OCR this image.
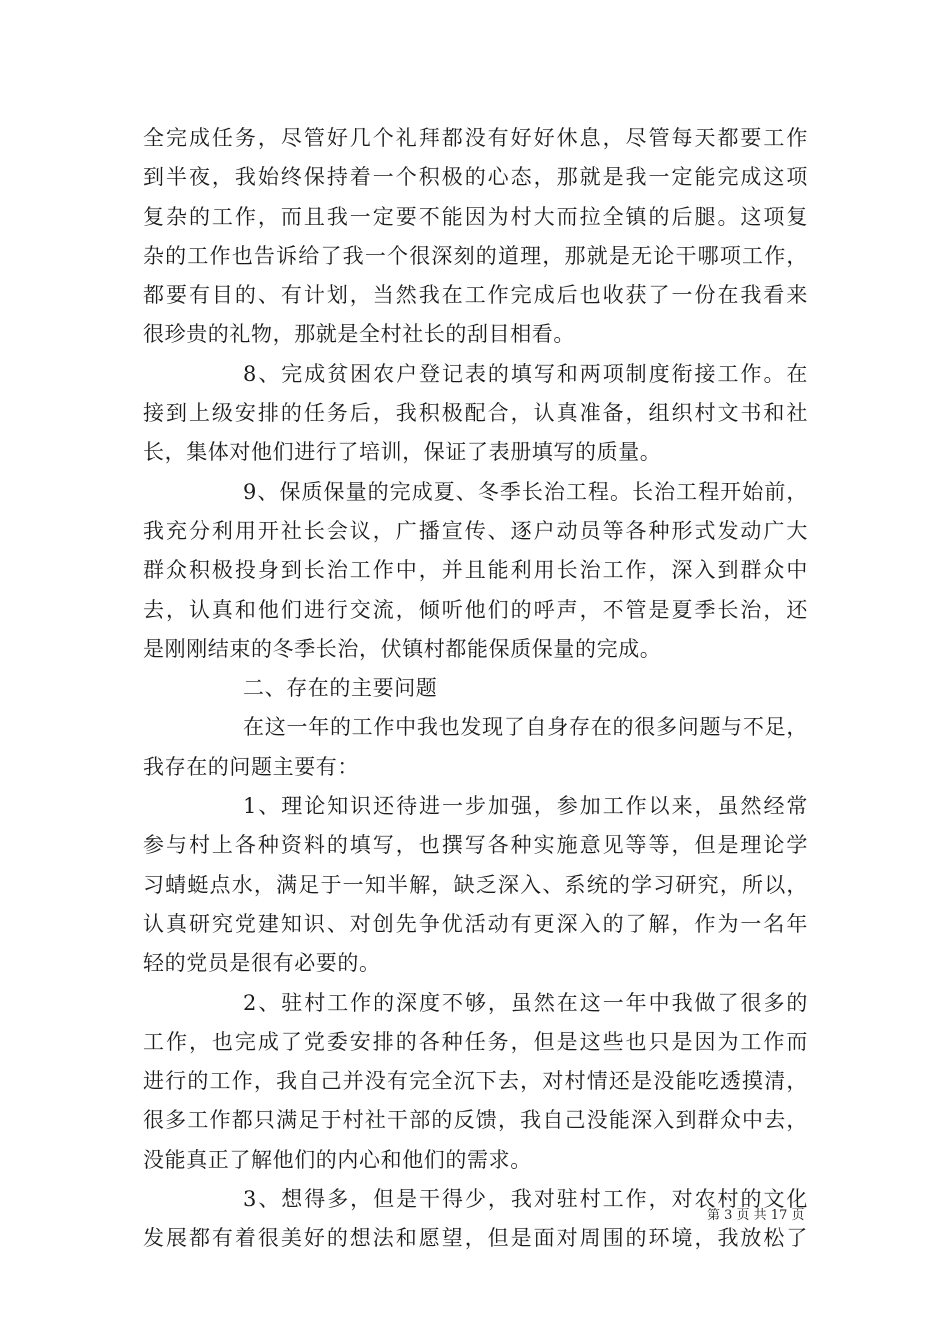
全完成任务，尽管好几个礼拜都没有好好休息，尽管每天都要工作
到半夜，我始终保持着一个积极的心态，那就是我一定能完成这项
复杂的工作，而且我一定要不能因为村大而拉全镇的后腿。这项复
杂的工作也告诉给了我一个很深刻的道理，那就是无论干哪项工作，
都要有目的、有计划，当然我在工作完成后也收获了一份在我看来
很珍贵的礼物，那就是全村社长的刮目相看。
8、完成贫困农户登记表的填写和两项制度衔接工作。在
接到上级安排的任务后，我积极配合，认真准备，组织村文书和社
长，集体对他们进行了培训，保证了表册填写的质量。
9、保质保量的完成夏、冬季长治工程。长治工程开始前，
我充分利用开社长会议，广播宣传、逐户动员等各种形式发动广大
群众积极投身到长治工作中，并且能利用长治工作，深入到群众中
去，认真和他们进行交流，倾听他们的呼声，不管是夏季长治，还
是刚刚结束的冬季长治，伏镇村都能保质保量的完成。
二、存在的主要问题
在这一年的工作中我也发现了自身存在的很多问题与不足，
我存在的问题主要有：
1、理论知识还待进一步加强，参加工作以来，虽然经常
参与村上各种资料的填写，也撰写各种实施意见等等，但是理论学
习蜻蜓点水，满足于一知半解，缺乏深入、系统的学习研究，所以，
认真研究党建知识、对创先争优活动有更深入的了解，作为一名年
轻的党员是很有必要的。
2、驻村工作的深度不够，虽然在这一年中我做了很多的
工作，也完成了党委安排的各种任务，但是这些也只是因为工作而
进行的工作，我自己并没有完全沉下去，对村情还是没能吃透摸清，
很多工作都只满足于村社干部的反馈，我自己没能深入到群众中去，
没能真正了解他们的内心和他们的需求。
3、想得多，但是干得少，我对驻村工作，对农村的文化
发展都有着很美好的想法和愿望，但是面对周围的环境，我放松了
第 3 页 共 17 页
